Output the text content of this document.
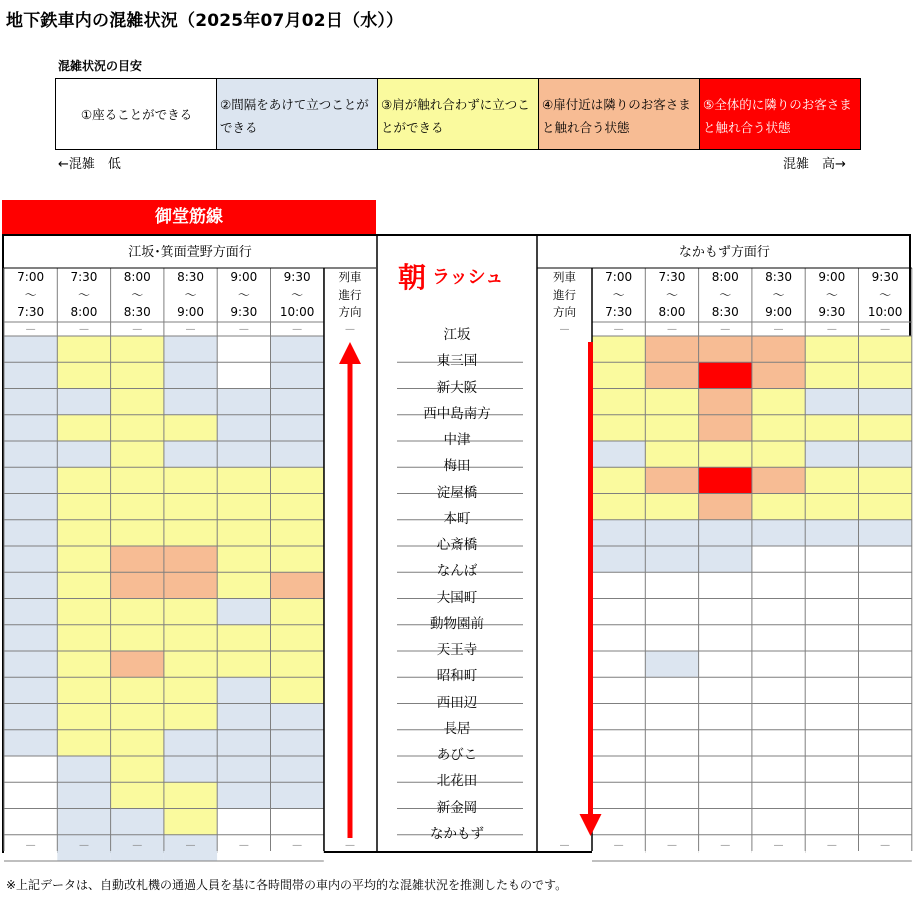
地下鉄車内の混雑状況（2025年07月02日（水））
混雑状況の目安
①座ることができる
②間隔をあけて立つことができる
③肩が触れ合わずに立つことができる
④扉付近は隣りのお客さまと触れ合う状態
⑤全体的に隣りのお客さまと触れ合う状態
←混雑　低	混雑　高→
御堂筋線
朝ラッシュ
江坂･箕面萱野方面行	なかもず方面行
7:00
～
7:30
7:30
～
8:00
8:00
～
8:30
8:30
～
9:00
9:00
～
9:30
9:30
～
10:00
—
—
—
—
—
—
—
—
—
—
—
—
7:00
～
7:30
7:30
～
8:00
8:00
～
8:30
8:30
～
9:00
9:00
～
9:30
9:30
～
10:00
—
—
—
—
—
—
—
—
—
—
—
—
列車
進行
方向
—
—
列車
進行
方向
—
—
江坂
東三国
新大阪
西中島南方
中津
梅田
淀屋橋
本町
心斎橋
なんば
大国町
動物園前
天王寺
昭和町
西田辺
長居
あびこ
北花田
新金岡
なかもず
※上記データは、自動改札機の通過人員を基に各時間帯の車内の平均的な混雑状況を推測したものです。
